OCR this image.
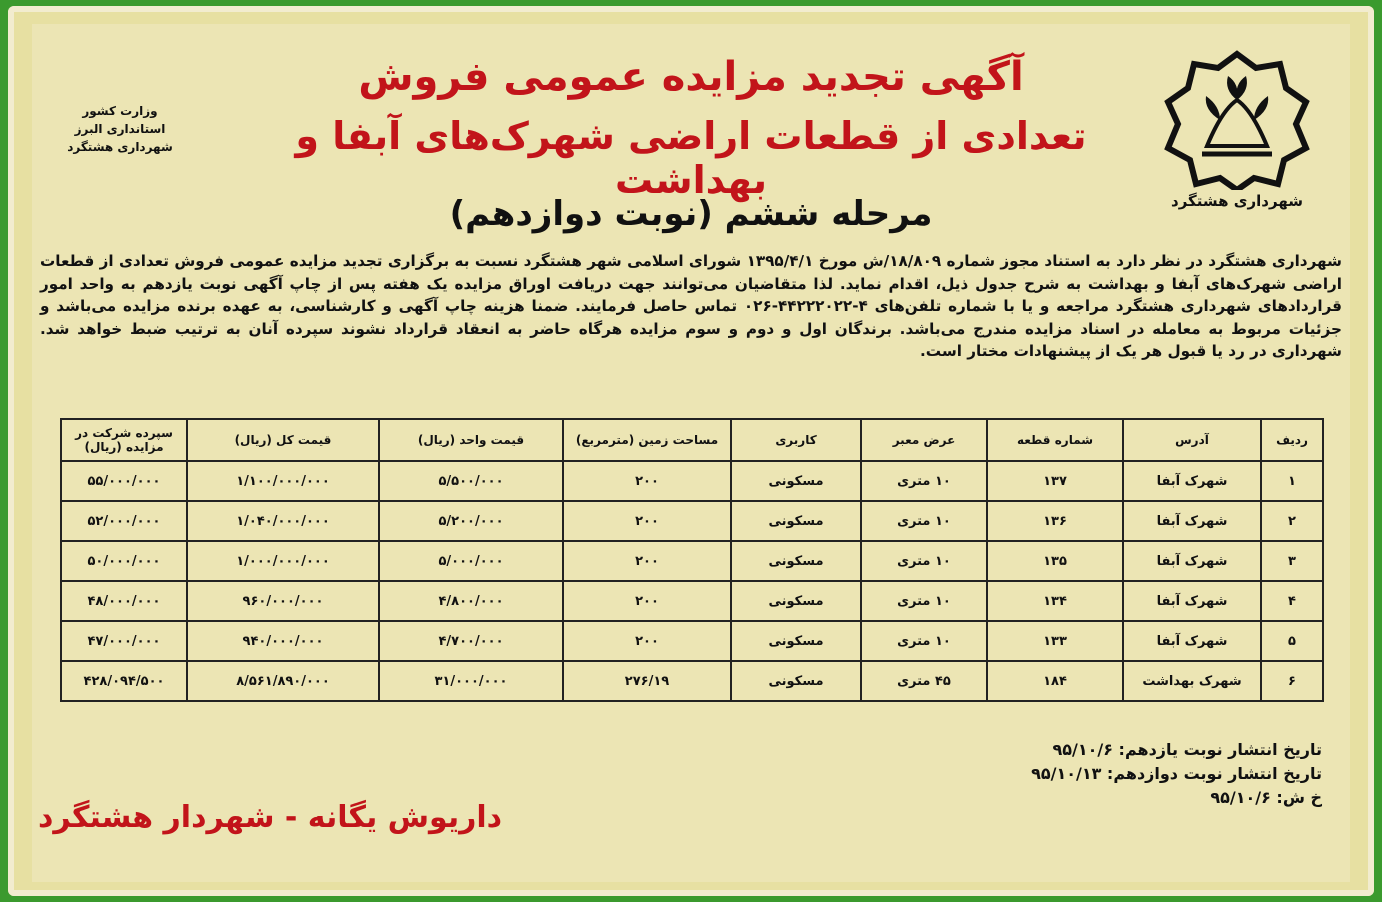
شهرداری هشتگرد
وزارت کشور
استانداری البرز
شهرداری هشتگرد
آگهی تجدید مزایده عمومی فروش
تعدادی از قطعات اراضی شهرک‌های آبفا و بهداشت
مرحله ششم (نوبت دوازدهم)
شهرداری هشتگرد در نظر دارد به استناد مجوز شماره ۱۸/۸۰۹/ش مورخ ۱۳۹۵/۴/۱ شورای اسلامی شهر هشتگرد نسبت به برگزاری تجدید مزایده عمومی فروش تعدادی از قطعات اراضی شهرک‌های آبفا و بهداشت به شرح جدول ذیل، اقدام نماید. لذا متقاضیان می‌توانند جهت دریافت اوراق مزایده یک هفته پس از چاپ آگهی نوبت یازدهم به واحد امور قراردادهای شهرداری هشتگرد مراجعه و یا با شماره تلفن‌های ۴-۴۴۲۲۲۰۲۲-۰۲۶ تماس حاصل فرمایند. ضمنا هزینه چاپ آگهی و کارشناسی، به عهده برنده مزایده می‌باشد و جزئیات مربوط به معامله در اسناد مزایده مندرج می‌باشد. برندگان اول و دوم و سوم مزایده هرگاه حاضر به انعقاد قرارداد نشوند سپرده آنان به ترتیب ضبط خواهد شد. شهرداری در رد یا قبول هر یک از پیشنهادات مختار است.
ردیف	آدرس	شماره قطعه	عرض معبر	کاربری	مساحت زمین (مترمربع)	قیمت واحد (ریال)	قیمت کل (ریال)	سپرده شرکت در مزایده (ریال)
۱	شهرک آبفا	۱۳۷	۱۰ متری	مسکونی	۲۰۰	۵/۵۰۰/۰۰۰	۱/۱۰۰/۰۰۰/۰۰۰	۵۵/۰۰۰/۰۰۰
۲	شهرک آبفا	۱۳۶	۱۰ متری	مسکونی	۲۰۰	۵/۲۰۰/۰۰۰	۱/۰۴۰/۰۰۰/۰۰۰	۵۲/۰۰۰/۰۰۰
۳	شهرک آبفا	۱۳۵	۱۰ متری	مسکونی	۲۰۰	۵/۰۰۰/۰۰۰	۱/۰۰۰/۰۰۰/۰۰۰	۵۰/۰۰۰/۰۰۰
۴	شهرک آبفا	۱۳۴	۱۰ متری	مسکونی	۲۰۰	۴/۸۰۰/۰۰۰	۹۶۰/۰۰۰/۰۰۰	۴۸/۰۰۰/۰۰۰
۵	شهرک آبفا	۱۳۳	۱۰ متری	مسکونی	۲۰۰	۴/۷۰۰/۰۰۰	۹۴۰/۰۰۰/۰۰۰	۴۷/۰۰۰/۰۰۰
۶	شهرک بهداشت	۱۸۴	۴۵ متری	مسکونی	۲۷۶/۱۹	۳۱/۰۰۰/۰۰۰	۸/۵۶۱/۸۹۰/۰۰۰	۴۲۸/۰۹۴/۵۰۰
تاریخ انتشار نوبت یازدهم: ۹۵/۱۰/۶
تاریخ انتشار نوبت دوازدهم: ۹۵/۱۰/۱۳
خ ش: ۹۵/۱۰/۶
داریوش یگانه - شهردار هشتگرد
